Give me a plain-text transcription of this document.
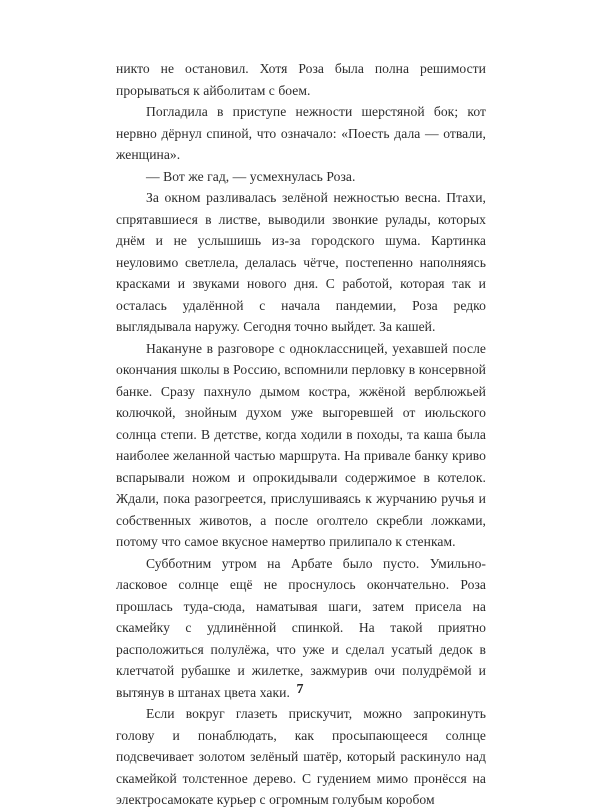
никто не остановил. Хотя Роза была полна решимости прорываться к айболитам с боем.

Погладила в приступе нежности шерстяной бок; кот нервно дёрнул спиной, что означало: «Поесть дала — отвали, женщина».

— Вот же гад, — усмехнулась Роза.

За окном разливалась зелёной нежностью весна. Птахи, спрятавшиеся в листве, выводили звонкие рулады, которых днём и не услышишь из-за городского шума. Картинка неуловимо светлела, делалась чётче, постепенно наполняясь красками и звуками нового дня. С работой, которая так и осталась удалённой с начала пандемии, Роза редко выглядывала наружу. Сегодня точно выйдет. За кашей.

Накануне в разговоре с одноклассницей, уехавшей после окончания школы в Россию, вспомнили перловку в консервной банке. Сразу пахнуло дымом костра, жжёной верблюжьей колючкой, знойным духом уже выгоревшей от июльского солнца степи. В детстве, когда ходили в походы, та каша была наиболее желанной частью маршрута. На привале банку криво вспарывали ножом и опрокидывали содержимое в котелок. Ждали, пока разогреется, прислушиваясь к журчанию ручья и собственных животов, а после оголтело скребли ложками, потому что самое вкусное намертво прилипало к стенкам.

Субботним утром на Арбате было пусто. Умильно-ласковое солнце ещё не проснулось окончательно. Роза прошлась туда-сюда, наматывая шаги, затем присела на скамейку с удлинённой спинкой. На такой приятно расположиться полулёжа, что уже и сделал усатый дедок в клетчатой рубашке и жилетке, зажмурив очи полудрёмой и вытянув в штанах цвета хаки.

Если вокруг глазеть прискучит, можно запрокинуть голову и понаблюдать, как просыпающееся солнце подсвечивает золотом зелёный шатёр, который раскинуло над скамейкой толстенное дерево. С гудением мимо пронёсся на электросамокате курьер с огромным голубым коробом

7
